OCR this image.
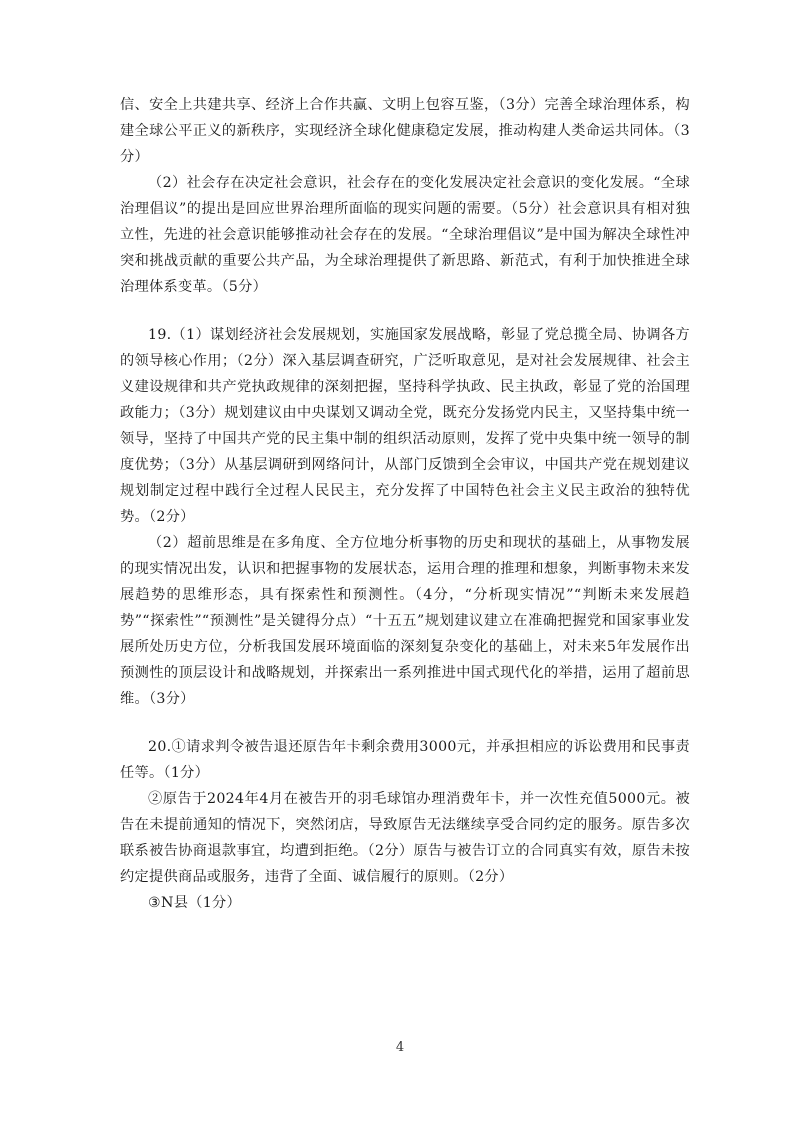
信、安全上共建共享、经济上合作共赢、文明上包容互鉴，（3分）完善全球治理体系，构建全球公平正义的新秩序，实现经济全球化健康稳定发展，推动构建人类命运共同体。（3分）

（2）社会存在决定社会意识，社会存在的变化发展决定社会意识的变化发展。“全球治理倡议”的提出是回应世界治理所面临的现实问题的需要。（5分）社会意识具有相对独立性，先进的社会意识能够推动社会存在的发展。“全球治理倡议”是中国为解决全球性冲突和挑战贡献的重要公共产品，为全球治理提供了新思路、新范式，有利于加快推进全球治理体系变革。（5分）

19.（1）谋划经济社会发展规划，实施国家发展战略，彰显了党总揽全局、协调各方的领导核心作用；（2分）深入基层调查研究，广泛听取意见，是对社会发展规律、社会主义建设规律和共产党执政规律的深刻把握，坚持科学执政、民主执政，彰显了党的治国理政能力；（3分）规划建议由中央谋划又调动全党，既充分发扬党内民主，又坚持集中统一领导，坚持了中国共产党的民主集中制的组织活动原则，发挥了党中央集中统一领导的制度优势；（3分）从基层调研到网络问计，从部门反馈到全会审议，中国共产党在规划建议规划制定过程中践行全过程人民民主，充分发挥了中国特色社会主义民主政治的独特优势。（2分）

（2）超前思维是在多角度、全方位地分析事物的历史和现状的基础上，从事物发展的现实情况出发，认识和把握事物的发展状态，运用合理的推理和想象，判断事物未来发展趋势的思维形态，具有探索性和预测性。（4分，“分析现实情况”“判断未来发展趋势”“探索性”“预测性”是关键得分点）“十五五”规划建议建立在准确把握党和国家事业发展所处历史方位，分析我国发展环境面临的深刻复杂变化的基础上，对未来5年发展作出预测性的顶层设计和战略规划，并探索出一系列推进中国式现代化的举措，运用了超前思维。（3分）

20.①请求判令被告退还原告年卡剩余费用3000元，并承担相应的诉讼费用和民事责任等。（1分）

②原告于2024年4月在被告开的羽毛球馆办理消费年卡，并一次性充值5000元。被告在未提前通知的情况下，突然闭店，导致原告无法继续享受合同约定的服务。原告多次联系被告协商退款事宜，均遭到拒绝。（2分）原告与被告订立的合同真实有效，原告未按约定提供商品或服务，违背了全面、诚信履行的原则。（2分）

③N县（1分）

4
